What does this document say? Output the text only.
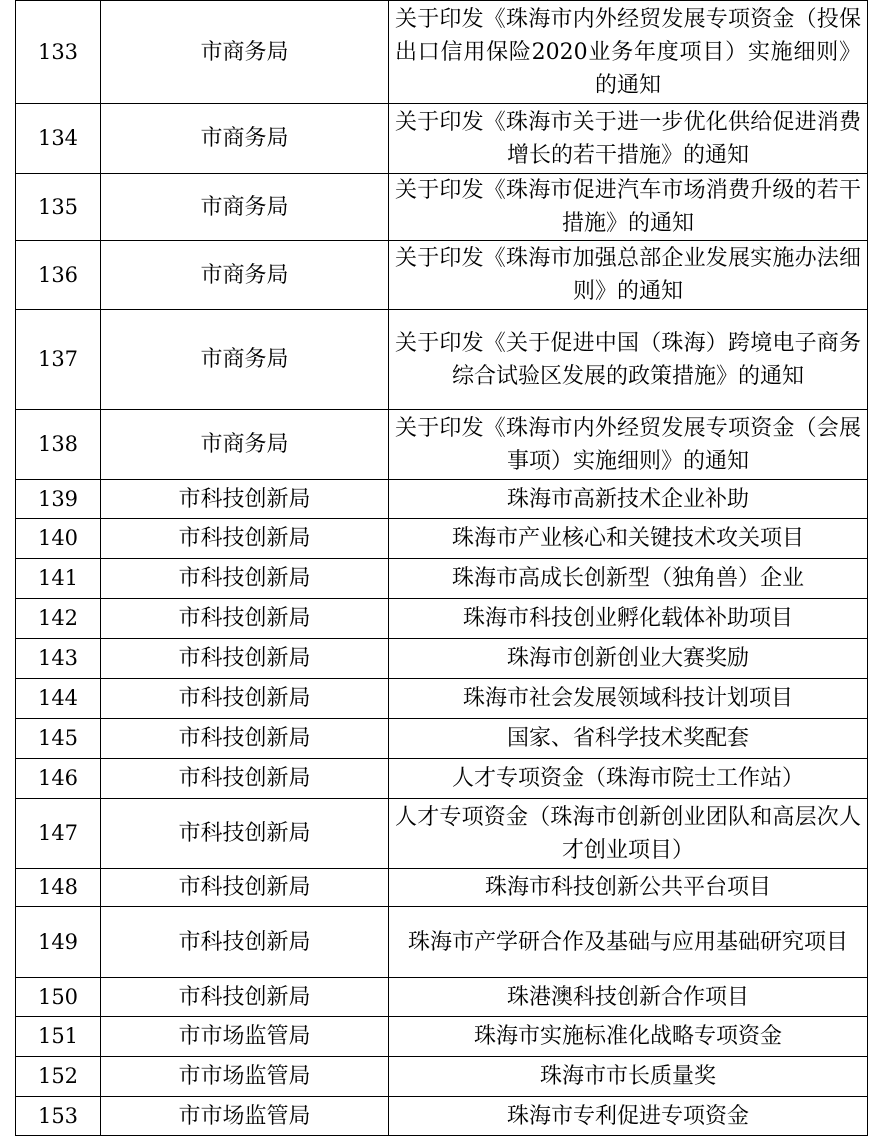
133	市商务局	关于印发《珠海市内外经贸发展专项资金（投保出口信用保险2020业务年度项目）实施细则》的通知
134	市商务局	关于印发《珠海市关于进一步优化供给促进消费增长的若干措施》的通知
135	市商务局	关于印发《珠海市促进汽车市场消费升级的若干措施》的通知
136	市商务局	关于印发《珠海市加强总部企业发展实施办法细则》的通知
137	市商务局	关于印发《关于促进中国（珠海）跨境电子商务综合试验区发展的政策措施》的通知
138	市商务局	关于印发《珠海市内外经贸发展专项资金（会展事项）实施细则》的通知
139	市科技创新局	珠海市高新技术企业补助
140	市科技创新局	珠海市产业核心和关键技术攻关项目
141	市科技创新局	珠海市高成长创新型（独角兽）企业
142	市科技创新局	珠海市科技创业孵化载体补助项目
143	市科技创新局	珠海市创新创业大赛奖励
144	市科技创新局	珠海市社会发展领域科技计划项目
145	市科技创新局	国家、省科学技术奖配套
146	市科技创新局	人才专项资金（珠海市院士工作站）
147	市科技创新局	人才专项资金（珠海市创新创业团队和高层次人才创业项目）
148	市科技创新局	珠海市科技创新公共平台项目
149	市科技创新局	珠海市产学研合作及基础与应用基础研究项目
150	市科技创新局	珠港澳科技创新合作项目
151	市市场监管局	珠海市实施标准化战略专项资金
152	市市场监管局	珠海市市长质量奖
153	市市场监管局	珠海市专利促进专项资金
